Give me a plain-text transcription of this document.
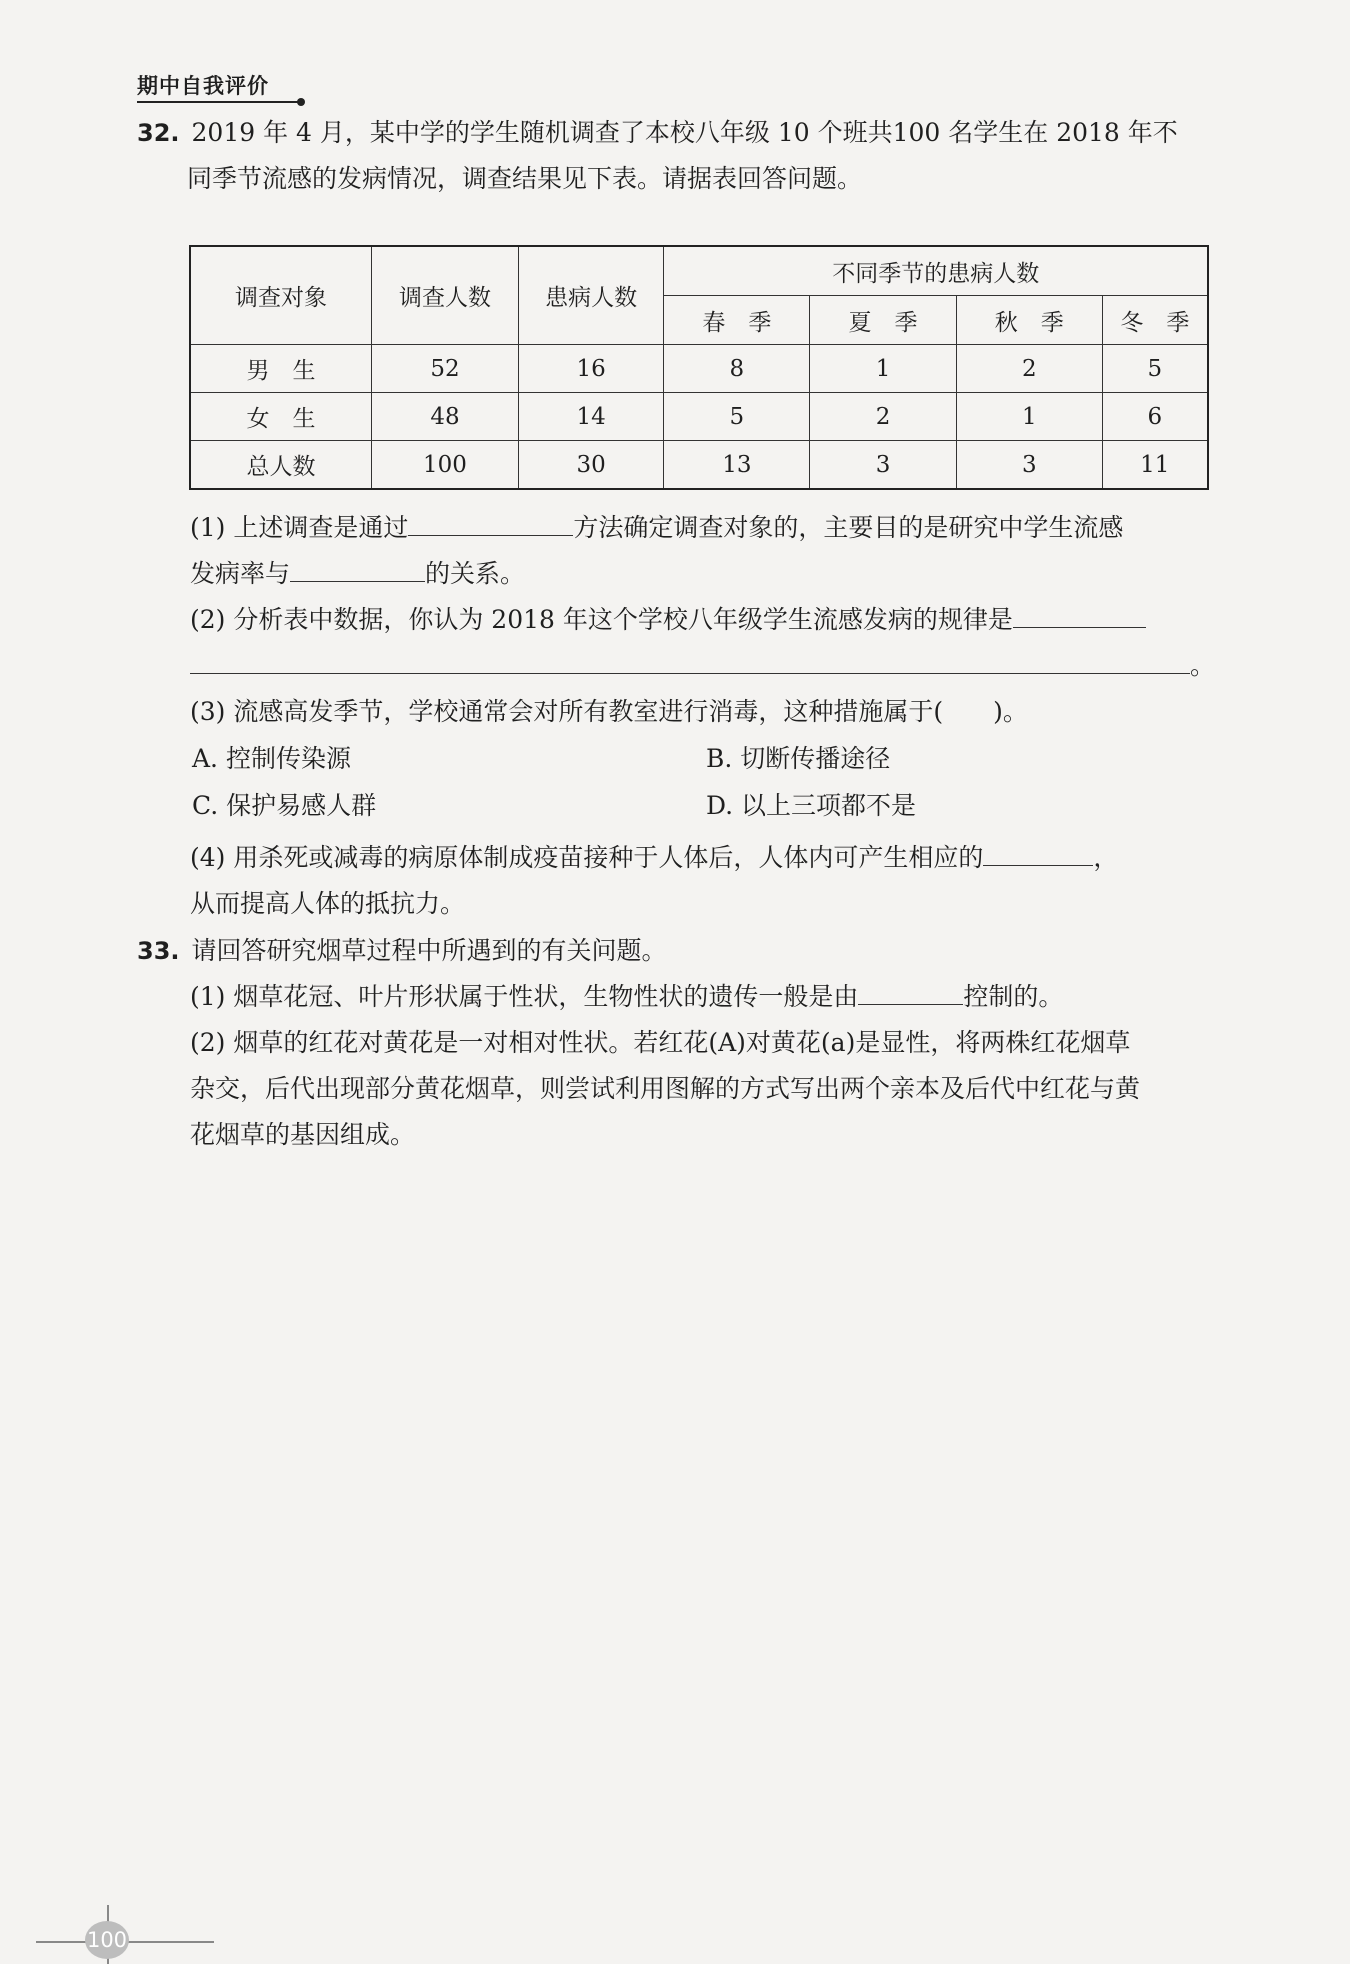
期中自我评价
32. 2019 年 4 月，某中学的学生随机调查了本校八年级 10 个班共100 名学生在 2018 年不
同季节流感的发病情况，调查结果见下表。请据表回答问题。
调查对象	调查人数	患病人数	不同季节的患病人数			
			春　季	夏　季	秋　季	冬　季
男　生	52	16	8	1	2	5
女　生	48	14	5	2	1	6
总人数	100	30	13	3	3	11
(1) 上述调查是通过	方法确定调查对象的，主要目的是研究中学生流感
发病率与	的关系。
(2) 分析表中数据，你认为 2018 年这个学校八年级学生流感发病的规律是
。
(3) 流感高发季节，学校通常会对所有教室进行消毒，这种措施属于(　　)。
A. 控制传染源	B. 切断传播途径
C. 保护易感人群	D. 以上三项都不是
(4) 用杀死或减毒的病原体制成疫苗接种于人体后，人体内可产生相应的	，
从而提高人体的抵抗力。
33. 请回答研究烟草过程中所遇到的有关问题。
(1) 烟草花冠、叶片形状属于性状，生物性状的遗传一般是由	控制的。
(2) 烟草的红花对黄花是一对相对性状。若红花(A)对黄花(a)是显性，将两株红花烟草
杂交，后代出现部分黄花烟草，则尝试利用图解的方式写出两个亲本及后代中红花与黄
花烟草的基因组成。
100
